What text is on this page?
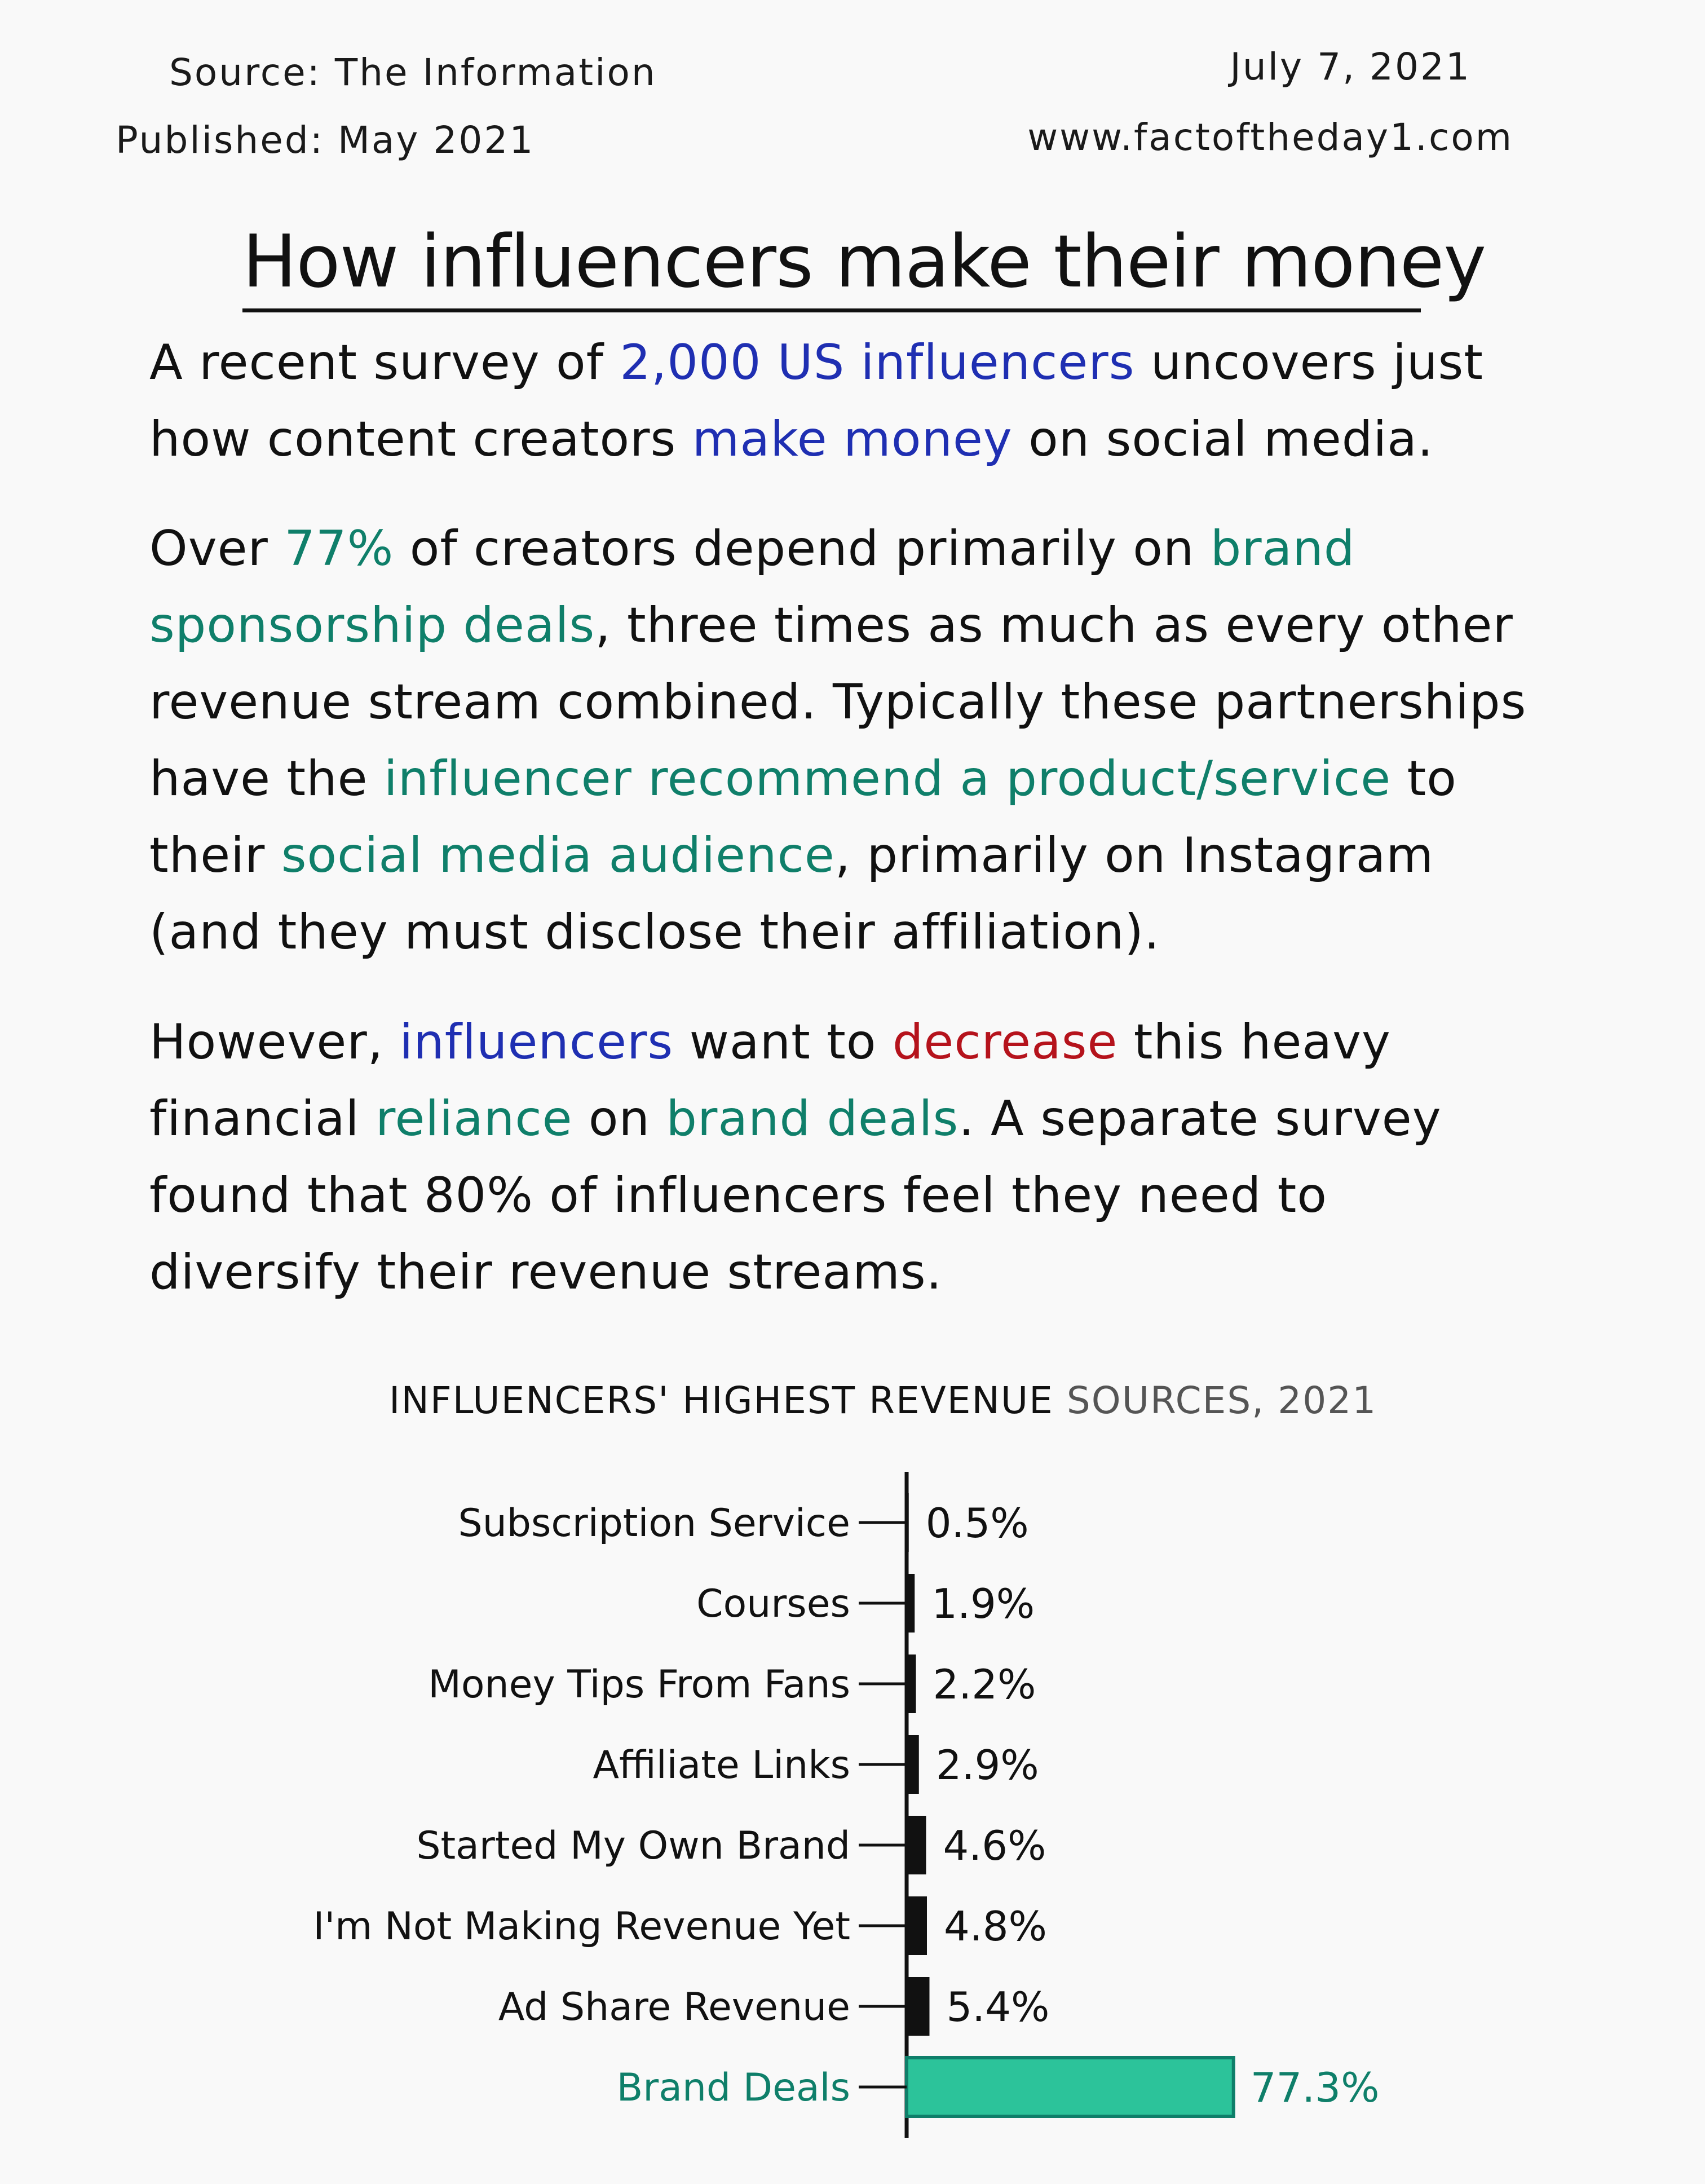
Source: The Information
Published: May 2021
July 7, 2021
www.factoftheday1.com
How influencers make their money
A recent survey of 2,000 US influencers uncovers just how content creators make money on social media.
Over 77% of creators depend primarily on brand sponsorship deals, three times as much as every other revenue stream combined. Typically these partnerships have the influencer recommend a product/service to their social media audience, primarily on Instagram (and they must disclose their affiliation).
However, influencers want to decrease this heavy financial reliance on brand deals. A separate survey found that 80% of influencers feel they need to diversify their revenue streams.
INFLUENCERS' HIGHEST REVENUE SOURCES, 2021
Subscription Service 0.5%
Courses 1.9%
Money Tips From Fans 2.2%
Affiliate Links 2.9%
Started My Own Brand 4.6%
I'm Not Making Revenue Yet 4.8%
Ad Share Revenue 5.4%
Brand Deals	77.3%
